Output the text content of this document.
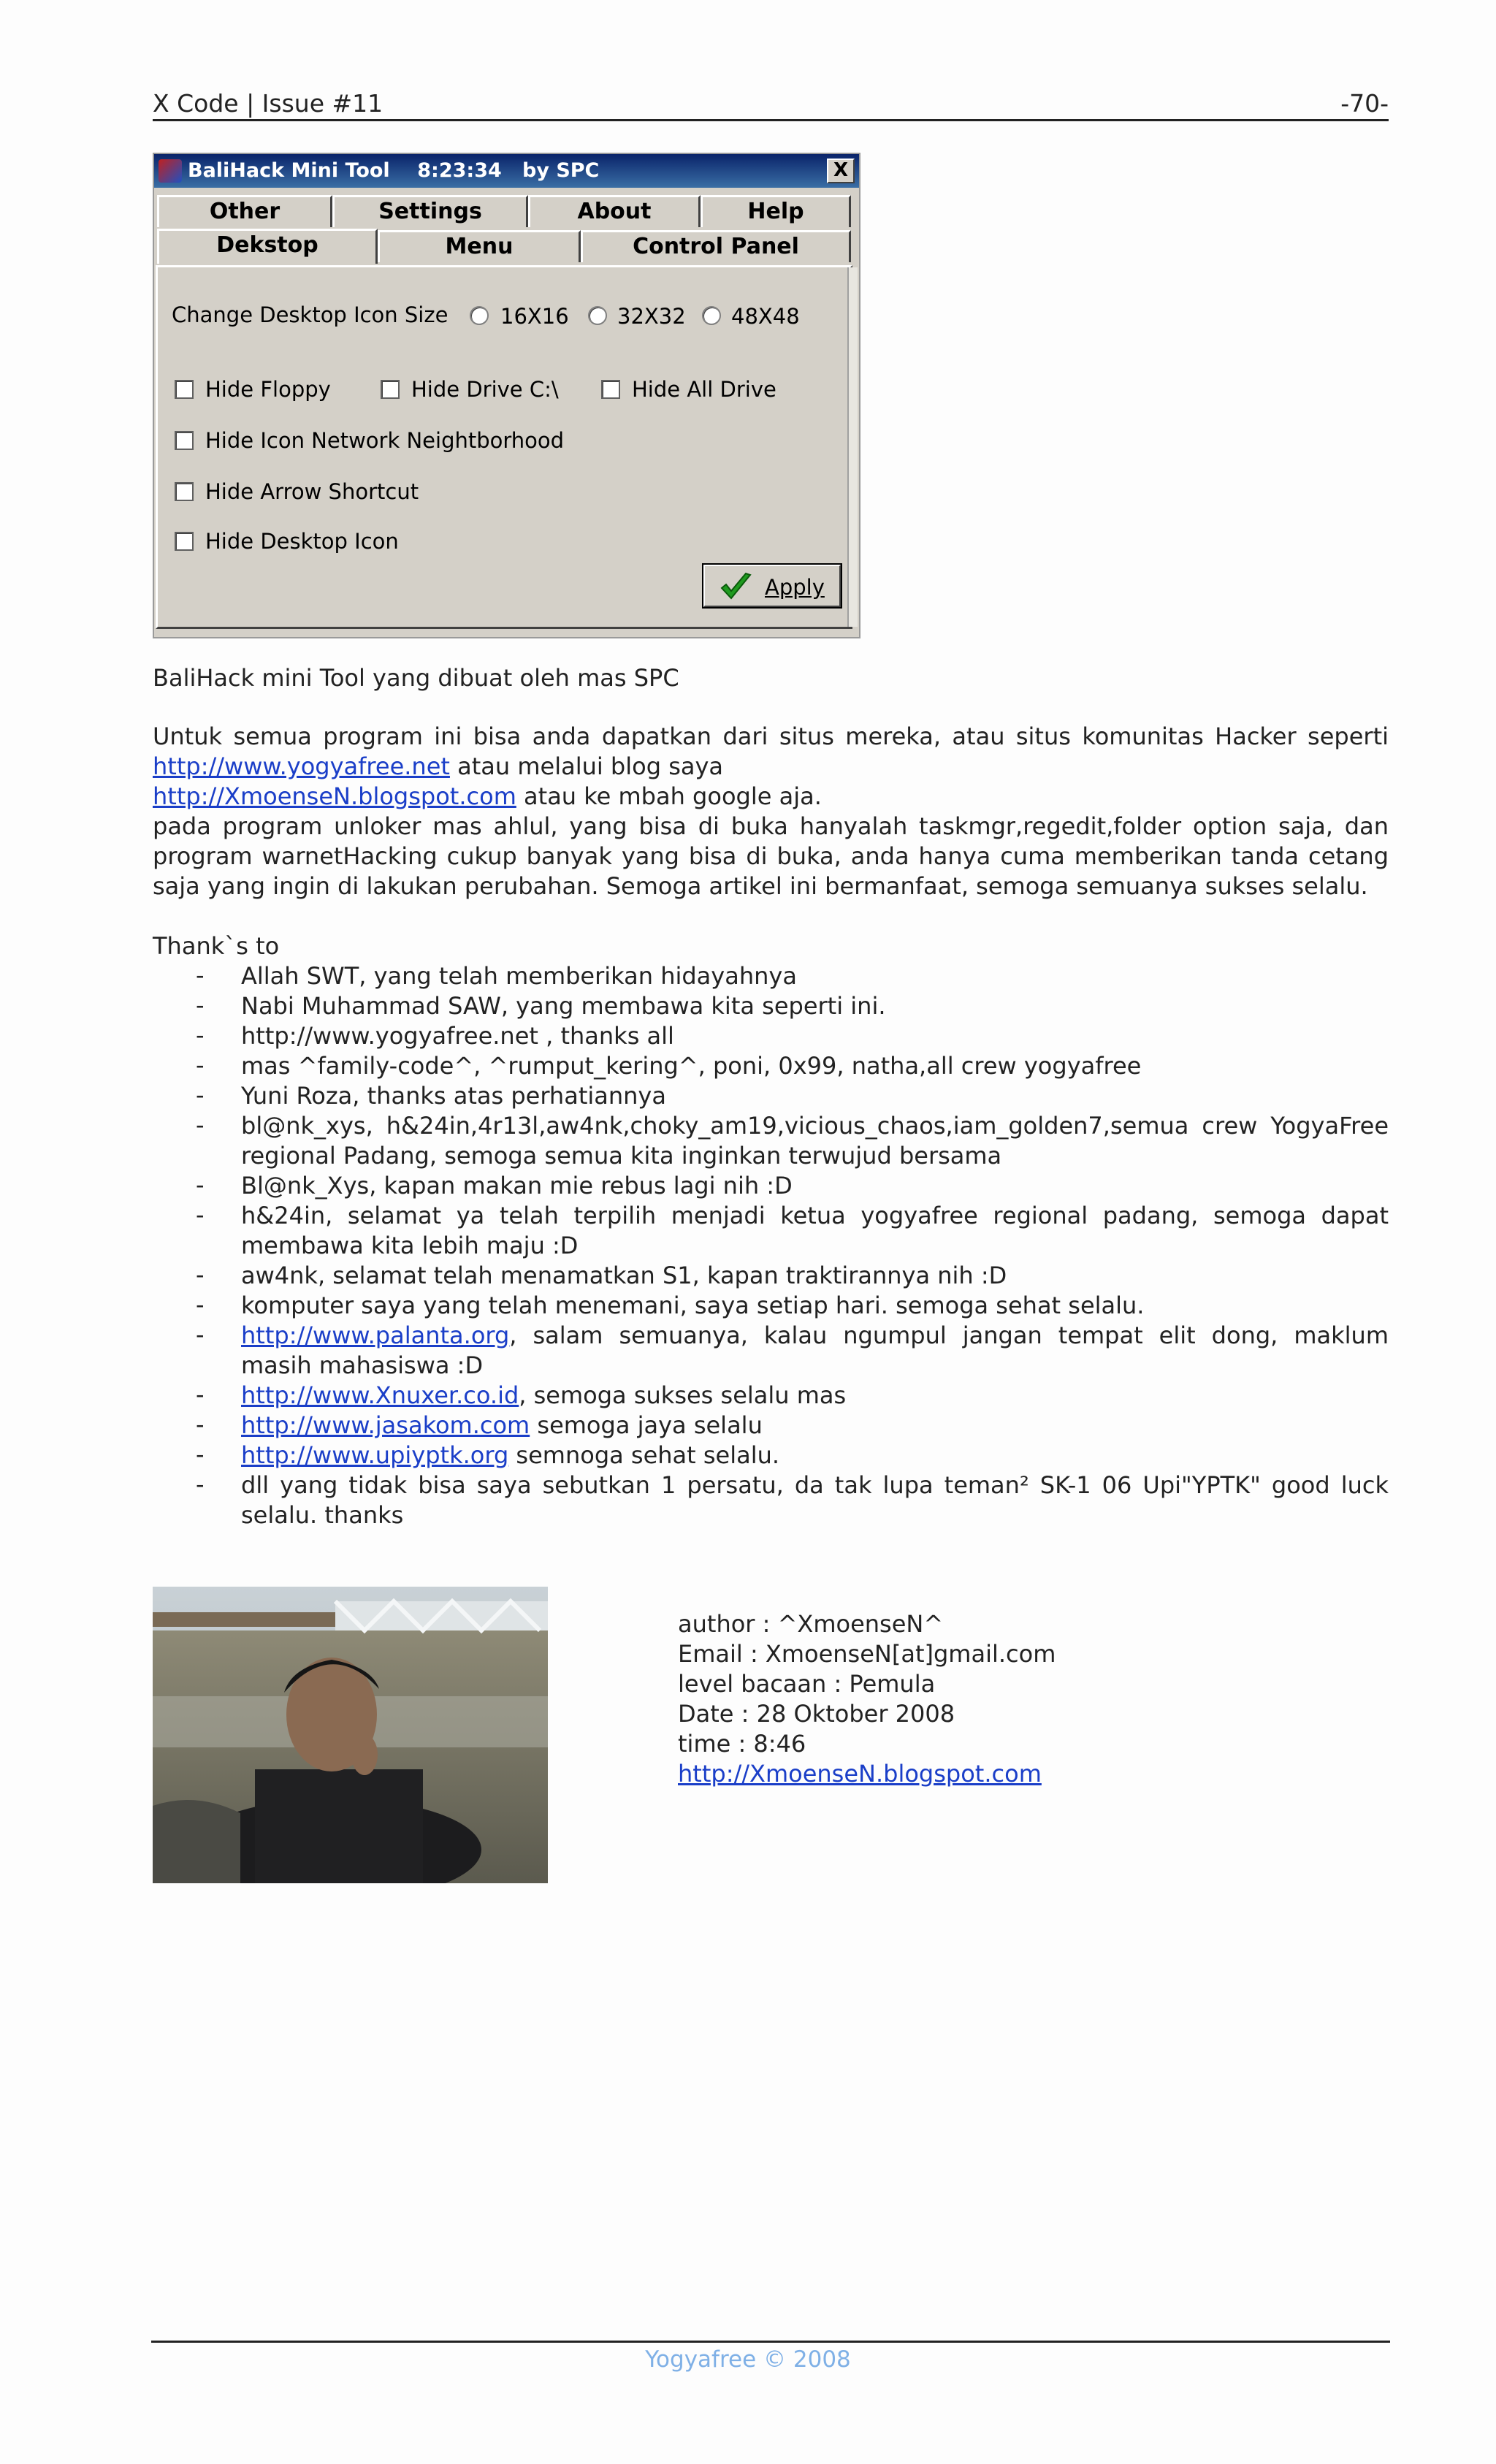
X Code | Issue #11	-70-
BaliHack Mini Tool    8:23:34   by SPC	X
Other	Settings	About	Help
Dekstop	Menu	Control Panel
Change Desktop Icon Size 16X16 32X32 48X48
Hide Floppy	Hide Drive C:\	Hide All Drive
Hide Icon Network Neightborhood
Hide Arrow Shortcut
Hide Desktop Icon
Apply
BaliHack mini Tool yang dibuat oleh mas SPC
Untuk semua program ini bisa anda dapatkan dari situs mereka, atau situs komunitas Hacker seperti
http://www.yogyafree.net atau melalui blog saya
http://XmoenseN.blogspot.com atau ke mbah google aja.
pada program unloker mas ahlul, yang bisa di buka hanyalah taskmgr,regedit,folder option saja, dan program warnetHacking cukup banyak yang bisa di buka, anda hanya cuma memberikan tanda cetang saja yang ingin di lakukan perubahan. Semoga artikel ini bermanfaat, semoga semuanya sukses selalu.
Thank`s to
- Allah SWT, yang telah memberikan hidayahnya
- Nabi Muhammad SAW, yang membawa kita seperti ini.
- http://www.yogyafree.net , thanks all
- mas ^family-code^, ^rumput_kering^, poni, 0x99, natha,all crew yogyafree
- Yuni Roza, thanks atas perhatiannya
- bl@nk_xys, h&24in,4r13l,aw4nk,choky_am19,vicious_chaos,iam_golden7,semua crew YogyaFree regional Padang, semoga semua kita inginkan terwujud bersama
- Bl@nk_Xys, kapan makan mie rebus lagi nih :D
- h&24in, selamat ya telah terpilih menjadi ketua yogyafree regional padang, semoga dapat membawa kita lebih maju :D
- aw4nk, selamat telah menamatkan S1, kapan traktirannya nih :D
- komputer saya yang telah menemani, saya setiap hari. semoga sehat selalu.
- http://www.palanta.org, salam semuanya, kalau ngumpul jangan tempat elit dong, maklum masih mahasiswa :D
- http://www.Xnuxer.co.id, semoga sukses selalu mas
- http://www.jasakom.com semoga jaya selalu
- http://www.upiyptk.org semnoga sehat selalu.
- dll yang tidak bisa saya sebutkan 1 persatu, da tak lupa teman² SK-1 06 Upi"YPTK" good luck selalu. thanks
author : ^XmoenseN^
Email : XmoenseN[at]gmail.com
level bacaan : Pemula
Date : 28 Oktober 2008
time : 8:46
http://XmoenseN.blogspot.com
Yogyafree © 2008
